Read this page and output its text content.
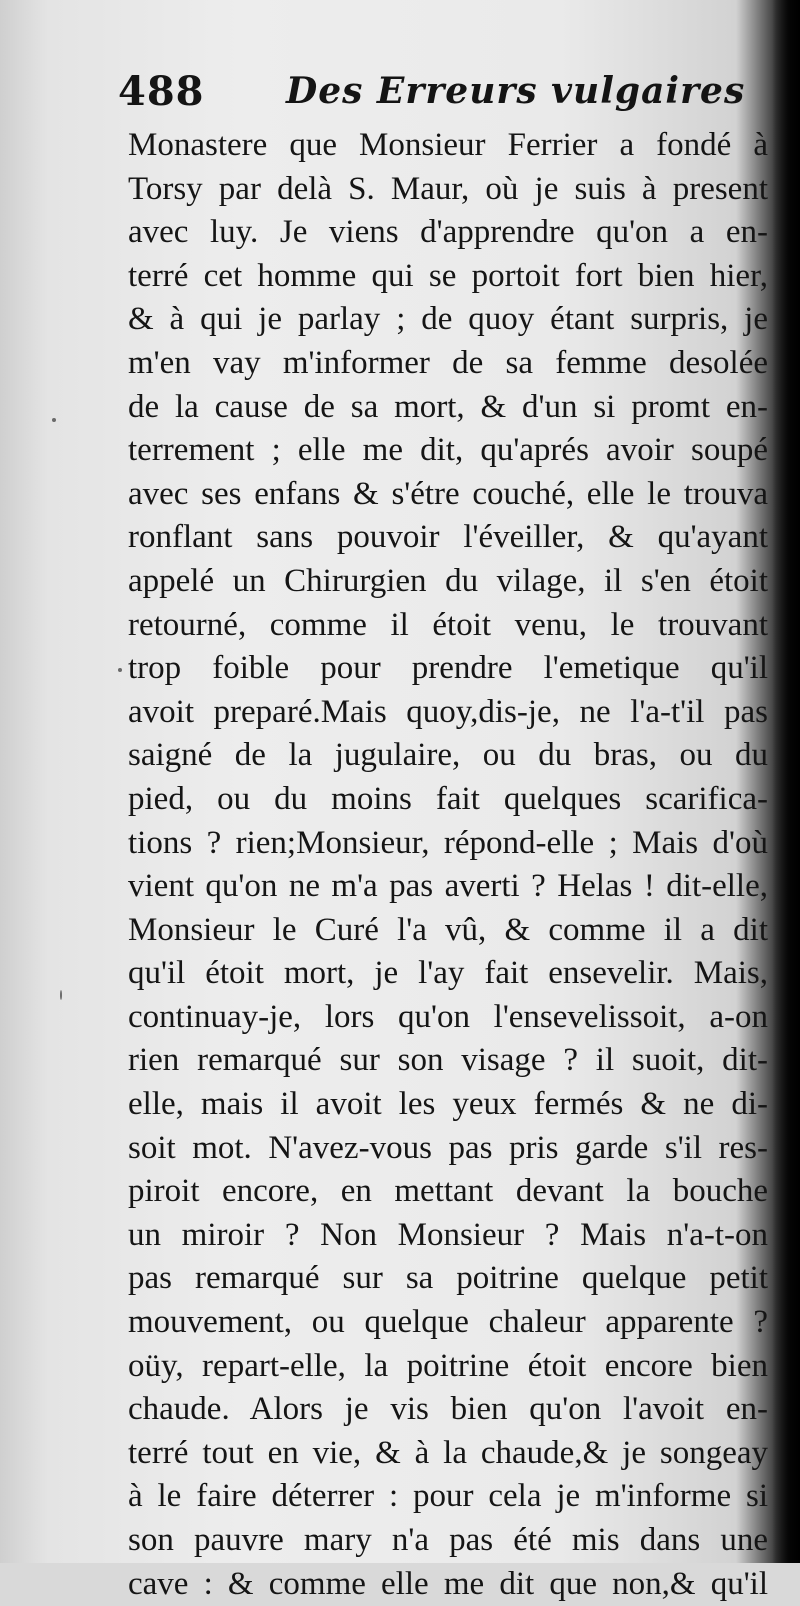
488 Des Erreurs vulgaires
Monastere que Monsieur Ferrier a fondé à
Torsy par delà S. Maur, où je suis à present
avec luy. Je viens d'apprendre qu'on a en-
terré cet homme qui se portoit fort bien hier,
& à qui je parlay ; de quoy étant surpris, je
m'en vay m'informer de sa femme desolée
de la cause de sa mort, & d'un si promt en-
terrement ; elle me dit, qu'aprés avoir soupé
avec ses enfans & s'étre couché, elle le trouva
ronflant sans pouvoir l'éveiller, & qu'ayant
appelé un Chirurgien du vilage, il s'en étoit
retourné, comme il étoit venu, le trouvant
trop foible pour prendre l'emetique qu'il
avoit preparé.Mais quoy,dis-je, ne l'a-t'il pas
saigné de la jugulaire, ou du bras, ou du
pied, ou du moins fait quelques scarifica-
tions ? rien;Monsieur, répond-elle ; Mais d'où
vient qu'on ne m'a pas averti ? Helas ! dit-elle,
Monsieur le Curé l'a vû, & comme il a dit
qu'il étoit mort, je l'ay fait ensevelir. Mais,
continuay-je, lors qu'on l'ensevelissoit, a-on
rien remarqué sur son visage ? il suoit, dit-
elle, mais il avoit les yeux fermés & ne di-
soit mot. N'avez-vous pas pris garde s'il res-
piroit encore, en mettant devant la bouche
un miroir ? Non Monsieur ? Mais n'a-t-on
pas remarqué sur sa poitrine quelque petit
mouvement, ou quelque chaleur apparente ?
oüy, repart-elle, la poitrine étoit encore bien
chaude. Alors je vis bien qu'on l'avoit en-
terré tout en vie, & à la chaude,& je songeay
à le faire déterrer : pour cela je m'informe si
son pauvre mary n'a pas été mis dans une
cave : & comme elle me dit que non,& qu'il
